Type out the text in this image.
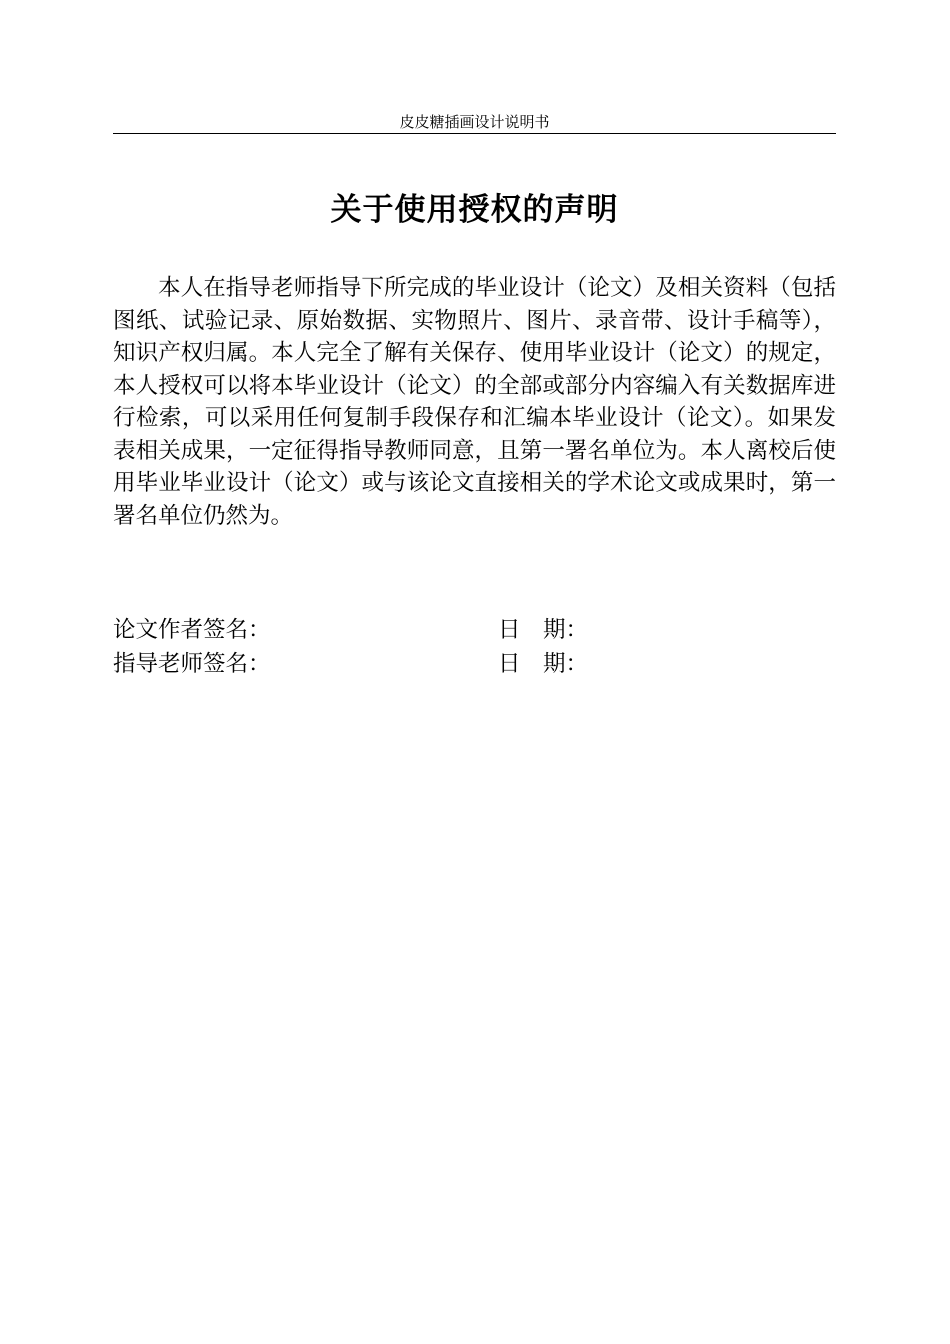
皮皮糖插画设计说明书
关于使用授权的声明

本人在指导老师指导下所完成的毕业设计（论文）及相关资料（包括图纸、试验记录、原始数据、实物照片、图片、录音带、设计手稿等），知识产权归属。本人完全了解有关保存、使用毕业设计（论文）的规定，本人授权可以将本毕业设计（论文）的全部或部分内容编入有关数据库进行检索，可以采用任何复制手段保存和汇编本毕业设计（论文）。如果发表相关成果，一定征得指导教师同意，且第一署名单位为。本人离校后使用毕业毕业设计（论文）或与该论文直接相关的学术论文或成果时，第一署名单位仍然为。

论文作者签名：	日　期：
指导老师签名：	日　期：
